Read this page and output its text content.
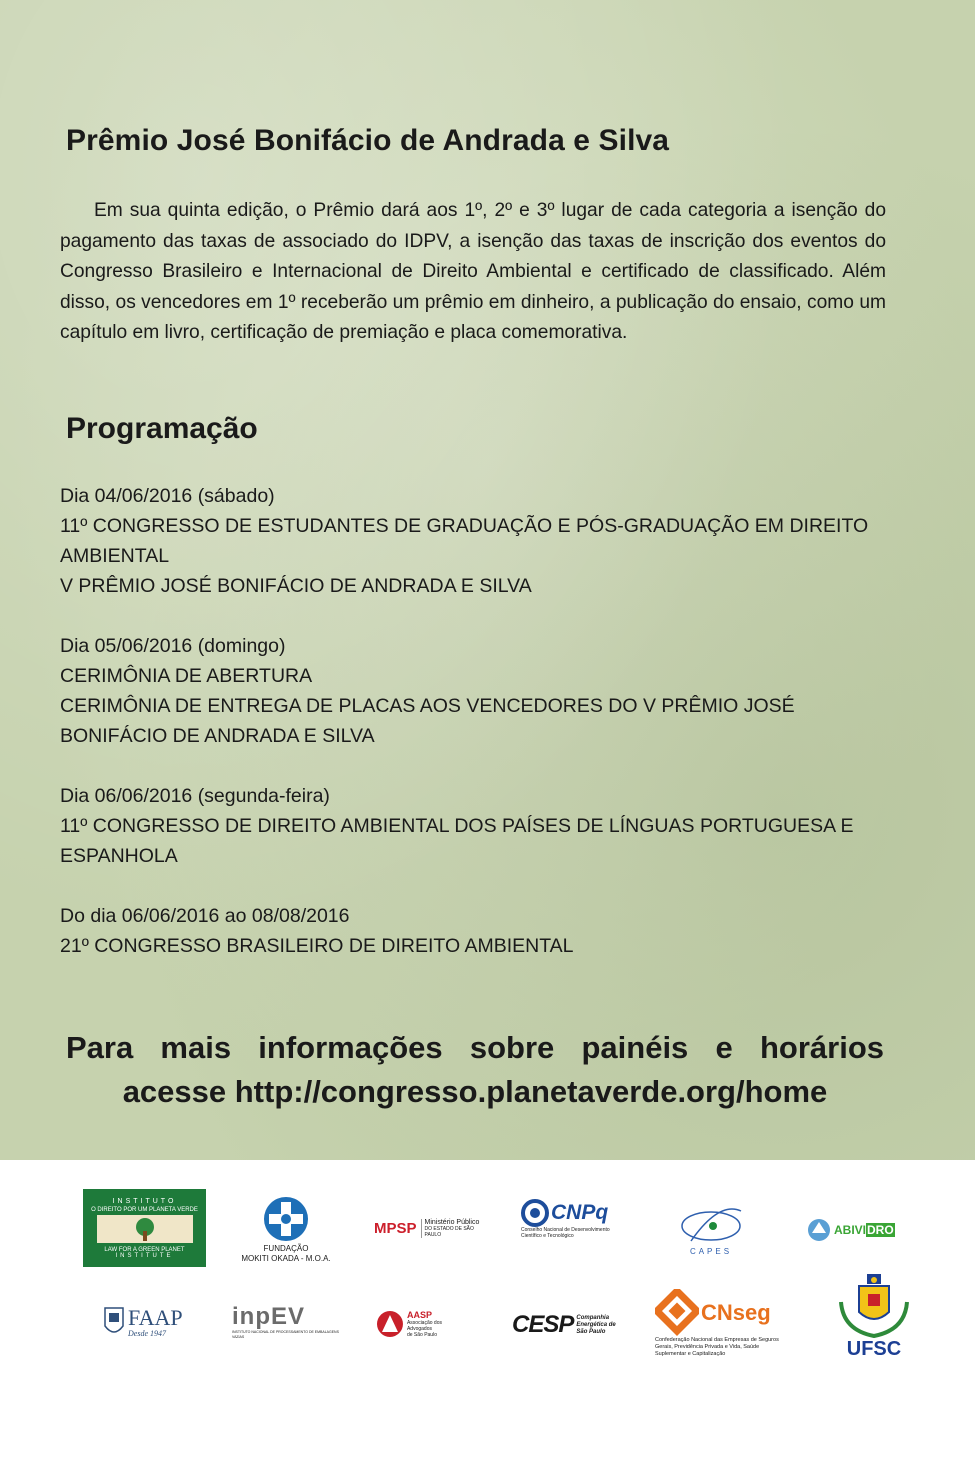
Prêmio José Bonifácio de Andrada e Silva

Em sua quinta edição, o Prêmio dará aos 1º, 2º e 3º lugar de cada categoria a isenção do pagamento das taxas de associado do IDPV, a isenção das taxas de inscrição dos eventos do Congresso Brasileiro e Internacional de Direito Ambiental e certificado de classificado. Além disso, os vencedores em 1º receberão um prêmio em dinheiro, a publicação do ensaio, como um capítulo em livro, certificação de premiação e placa comemorativa.

Programação
Dia 04/06/2016 (sábado)
11º CONGRESSO DE ESTUDANTES DE GRADUAÇÃO E PÓS-GRADUAÇÃO EM DIREITO AMBIENTAL
V PRÊMIO JOSÉ BONIFÁCIO DE ANDRADA E SILVA
Dia 05/06/2016 (domingo)
CERIMÔNIA DE ABERTURA
CERIMÔNIA DE ENTREGA DE PLACAS AOS VENCEDORES DO V PRÊMIO JOSÉ BONIFÁCIO DE ANDRADA E SILVA
Dia 06/06/2016 (segunda-feira)
11º CONGRESSO DE DIREITO AMBIENTAL DOS PAÍSES DE LÍNGUAS PORTUGUESA E ESPANHOLA
Do dia 06/06/2016 ao 08/08/2016
21º CONGRESSO BRASILEIRO DE DIREITO AMBIENTAL

Para mais informações sobre painéis e horários acesse http://congresso.planetaverde.org/home

INSTITUTO
O DIREITO POR UM PLANETA VERDE
LAW FOR A GREEN PLANET
INSTITUTE
FUNDAÇÃO
MOKITI OKADA - M.O.A.
MPSP Ministério Público
DO ESTADO DE SÃO PAULO
CNPq
Conselho Nacional de Desenvolvimento Científico e Tecnológico
CAPES
ABIVI DRO
FAAP
Desde 1947
inpEV
INSTITUTO NACIONAL DE PROCESSAMENTO DE EMBALAGENS VAZIAS
AASP
Associação dos Advogados
de São Paulo	CESP Companhia
Energética de
São Paulo
CNseg
Confederação Nacional das Empresas de Seguros Gerais, Previdência Privada e Vida, Saúde Suplementar e Capitalização	UFSC
